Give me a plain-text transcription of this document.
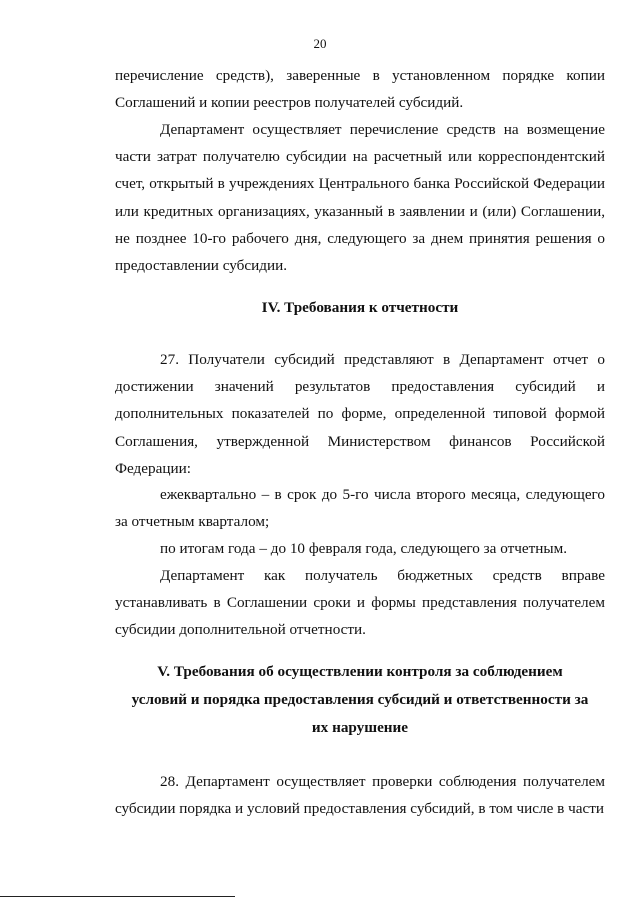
20

перечисление средств), заверенные в установленном порядке копии Соглашений и копии реестров получателей субсидий.

Департамент осуществляет перечисление средств на возмещение части затрат получателю субсидии на расчетный или корреспондентский счет, открытый в учреждениях Центрального банка Российской Федерации или кредитных организациях, указанный в заявлении и (или) Соглашении, не позднее 10-го рабочего дня, следующего за днем принятия решения о предоставлении субсидии.

IV. Требования к отчетности

27. Получатели субсидий представляют в Департамент отчет о достижении значений результатов предоставления субсидий и дополнительных показателей по форме, определенной типовой формой Соглашения, утвержденной Министерством финансов Российской Федерации:

ежеквартально – в срок до 5-го числа второго месяца, следующего за отчетным кварталом;

по итогам года – до 10 февраля года, следующего за отчетным.

Департамент как получатель бюджетных средств вправе устанавливать в Соглашении сроки и формы представления получателем субсидии дополнительной отчетности.

V. Требования об осуществлении контроля за соблюдением условий и порядка предоставления субсидий и ответственности за их нарушение

28. Департамент осуществляет проверки соблюдения получателем субсидии порядка и условий предоставления субсидий, в том числе в части
